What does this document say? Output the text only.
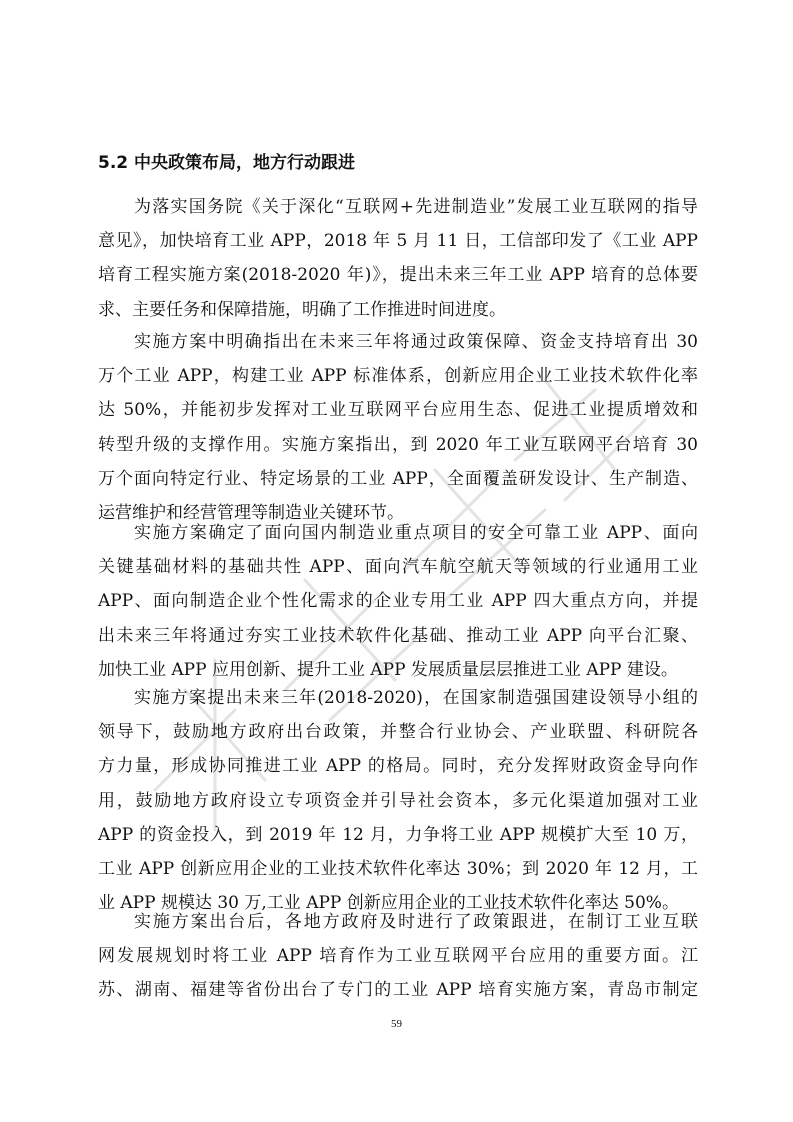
5.2 中央政策布局，地方行动跟进
为落实国务院《关于深化“互联网+先进制造业”发展工业互联网的指导
意见》，加快培育工业 APP，2018 年 5 月 11 日，工信部印发了《工业 APP
培育工程实施方案(2018-2020 年)》，提出未来三年工业 APP 培育的总体要
求、主要任务和保障措施，明确了工作推进时间进度。
实施方案中明确指出在未来三年将通过政策保障、资金支持培育出 30
万个工业 APP，构建工业 APP 标准体系，创新应用企业工业技术软件化率
达 50%，并能初步发挥对工业互联网平台应用生态、促进工业提质增效和
转型升级的支撑作用。实施方案指出，到 2020 年工业互联网平台培育 30
万个面向特定行业、特定场景的工业 APP，全面覆盖研发设计、生产制造、
运营维护和经营管理等制造业关键环节。
实施方案确定了面向国内制造业重点项目的安全可靠工业 APP、面向
关键基础材料的基础共性 APP、面向汽车航空航天等领域的行业通用工业
APP、面向制造企业个性化需求的企业专用工业 APP 四大重点方向，并提
出未来三年将通过夯实工业技术软件化基础、推动工业 APP 向平台汇聚、
加快工业 APP 应用创新、提升工业 APP 发展质量层层推进工业 APP 建设。
实施方案提出未来三年(2018-2020)，在国家制造强国建设领导小组的
领导下，鼓励地方政府出台政策，并整合行业协会、产业联盟、科研院各
方力量，形成协同推进工业 APP 的格局。同时，充分发挥财政资金导向作
用，鼓励地方政府设立专项资金并引导社会资本，多元化渠道加强对工业
APP 的资金投入，到 2019 年 12 月，力争将工业 APP 规模扩大至 10 万，
工业 APP 创新应用企业的工业技术软件化率达 30%；到 2020 年 12 月，工
业 APP 规模达 30 万,工业 APP 创新应用企业的工业技术软件化率达 50%。
实施方案出台后，各地方政府及时进行了政策跟进，在制订工业互联
网发展规划时将工业 APP 培育作为工业互联网平台应用的重要方面。江
苏、湖南、福建等省份出台了专门的工业 APP 培育实施方案，青岛市制定
59
